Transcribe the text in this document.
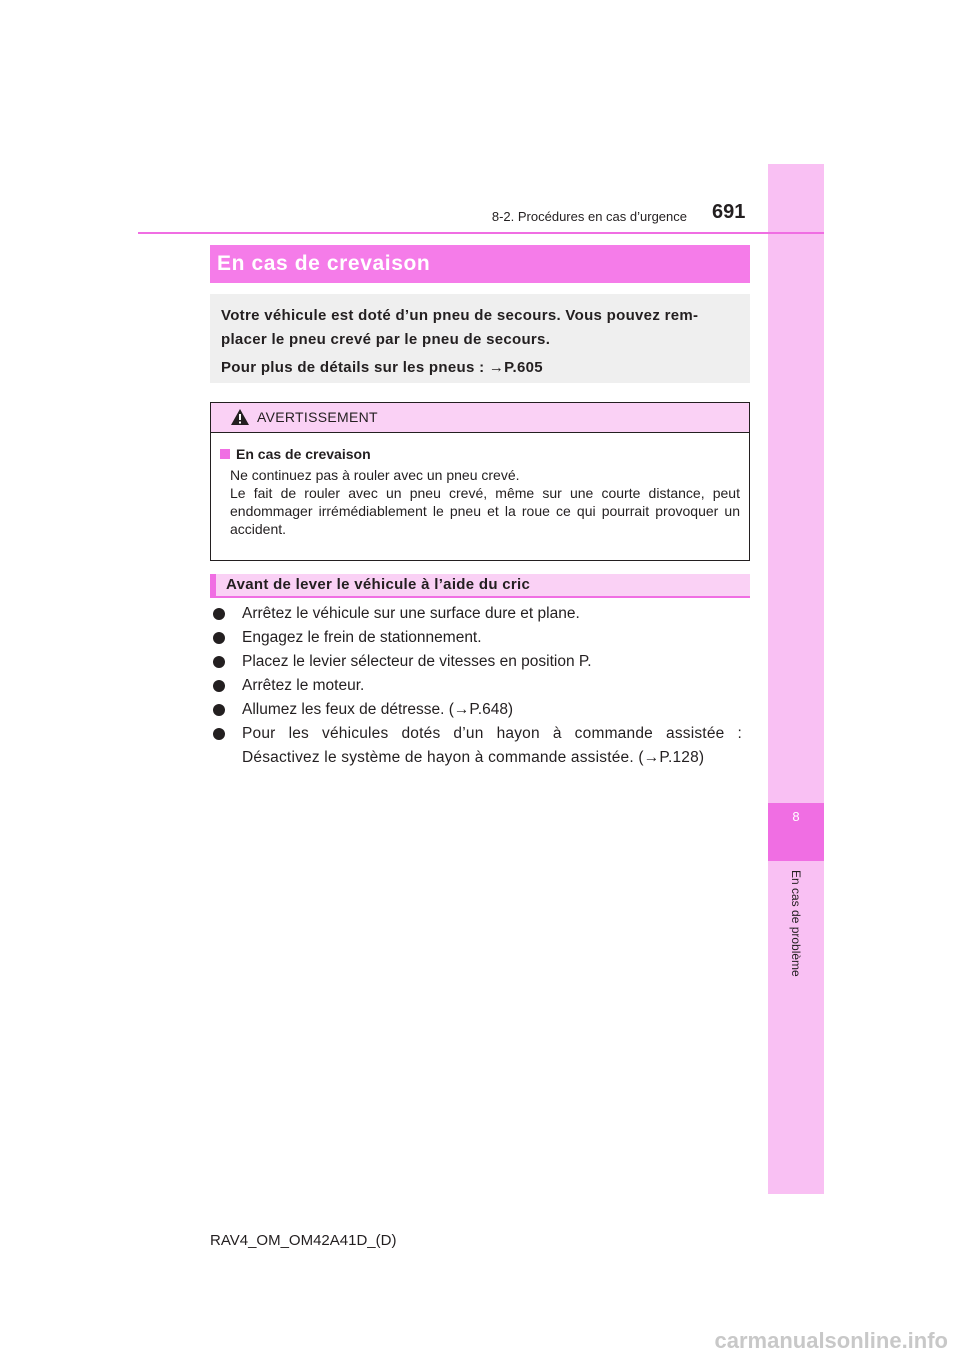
8
En cas de problème
8-2. Procédures en cas d’urgence 691
En cas de crevaison

Votre véhicule est doté d’un pneu de secours. Vous pouvez rem-placer le pneu crevé par le pneu de secours.

Pour plus de détails sur les pneus : →P.605

AVERTISSEMENT
En cas de crevaison

Ne continuez pas à rouler avec un pneu crevé.

Le fait de rouler avec un pneu crevé, même sur une courte distance, peut endommager irrémédiablement le pneu et la roue ce qui pourrait provoquer un accident.

Avant de lever le véhicule à l’aide du cric
Arrêtez le véhicule sur une surface dure et plane.
Engagez le frein de stationnement.
Placez le levier sélecteur de vitesses en position P.
Arrêtez le moteur.
Allumez les feux de détresse. (→P.648)
Pour les véhicules dotés d’un hayon à commande assistée : Désactivez le système de hayon à commande assistée. (→P.128)
RAV4_OM_OM42A41D_(D)
carmanualsonline.info
